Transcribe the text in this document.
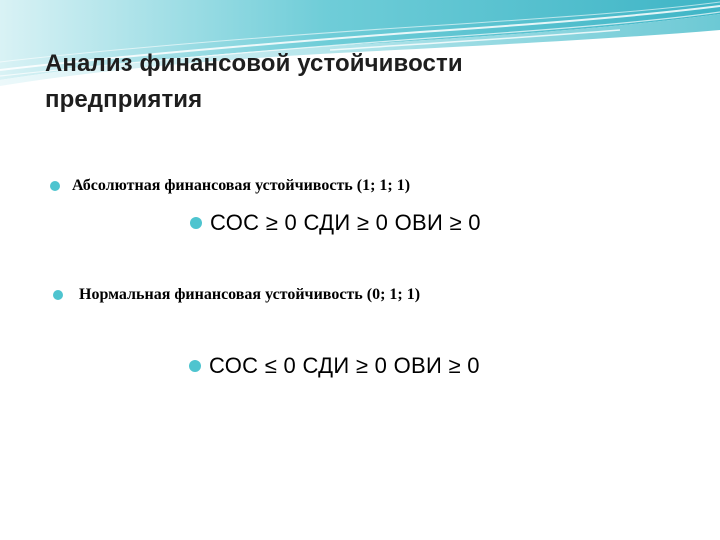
Анализ финансовой устойчивости
предприятия
Абсолютная финансовая устойчивость (1; 1; 1)
СОС ≥ 0 СДИ ≥ 0 ОВИ ≥ 0
Нормальная финансовая устойчивость (0; 1; 1)
СОС ≤ 0 СДИ ≥ 0 ОВИ ≥ 0
